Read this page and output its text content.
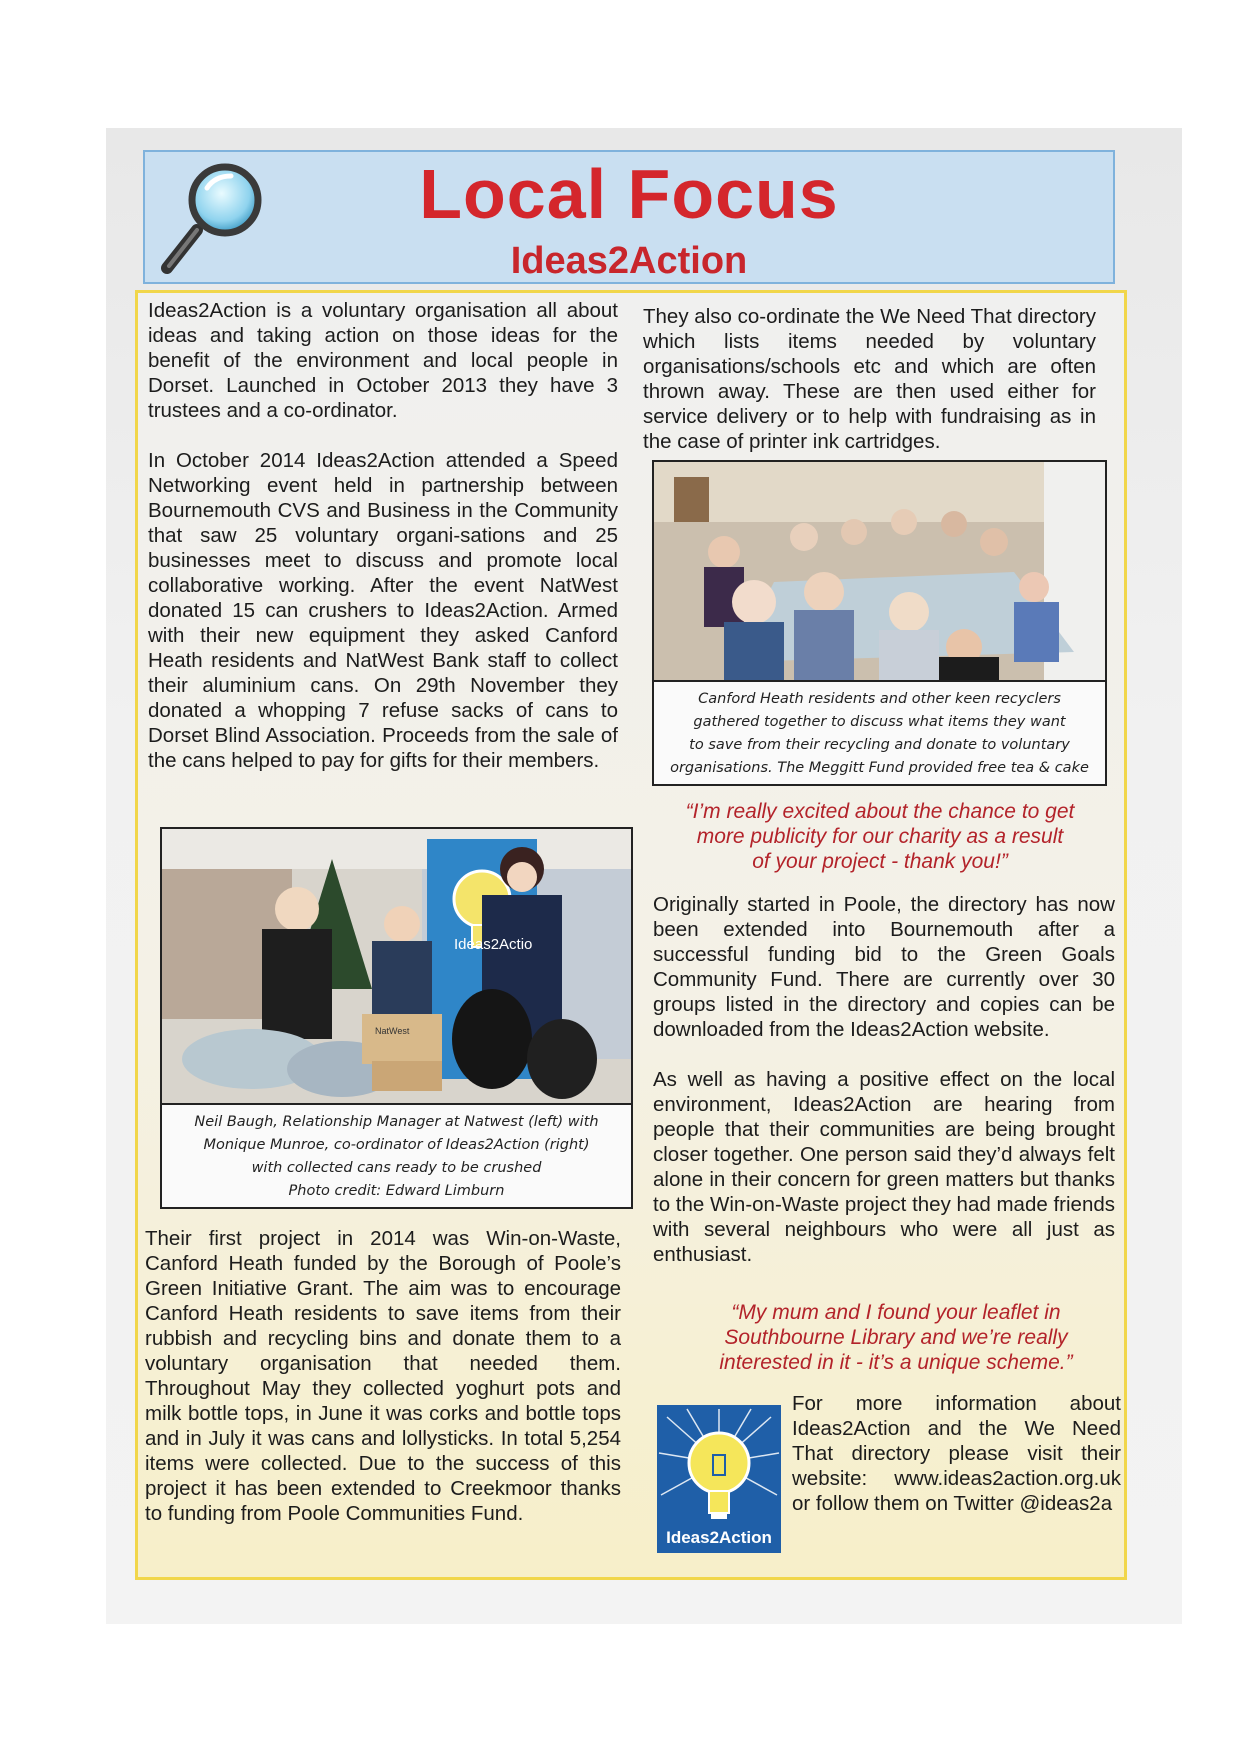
Local Focus
Ideas2Action

Ideas2Action is a voluntary organisation all about ideas and taking action on those ideas for the benefit of the environment and local people in Dorset. Launched in October 2013 they have 3 trustees and a co-ordinator.

In October 2014 Ideas2Action attended a Speed Networking event held in partnership between Bournemouth CVS and Business in the Community that saw 25 voluntary organi-sations and 25 businesses meet to discuss and promote local collaborative working. After the event NatWest donated 15 can crushers to Ideas2Action. Armed with their new equipment they asked Canford Heath residents and NatWest Bank staff to collect their aluminium cans. On 29th November they donated a whopping 7 refuse sacks of cans to Dorset Blind Association. Proceeds from the sale of the cans helped to pay for gifts for their members.

Ideas2Actio
NatWest
Neil Baugh, Relationship Manager at Natwest (left) with
Monique Munroe, co-ordinator of Ideas2Action (right)
with collected cans ready to be crushed
Photo credit: Edward Limburn

Their first project in 2014 was Win-on-Waste, Canford Heath funded by the Borough of Poole’s Green Initiative Grant. The aim was to encourage Canford Heath residents to save items from their rubbish and recycling bins and donate them to a voluntary organisation that needed them. Throughout May they collected yoghurt pots and milk bottle tops, in June it was corks and bottle tops and in July it was cans and lollysticks. In total 5,254 items were collected. Due to the success of this project it has been extended to Creekmoor thanks to funding from Poole Communities Fund.

They also co-ordinate the We Need That directory which lists items needed by voluntary organisations/schools etc and which are often thrown away. These are then used either for service delivery or to help with fundraising as in the case of printer ink cartridges.

Canford Heath residents and other keen recyclers
gathered together to discuss what items they want
to save from their recycling and donate to voluntary
organisations. The Meggitt Fund provided free tea & cake
“I’m really excited about the chance to get
more publicity for our charity as a result
of your project - thank you!”

Originally started in Poole, the directory has now been extended into Bournemouth after a successful funding bid to the Green Goals Community Fund. There are currently over 30 groups listed in the directory and copies can be downloaded from the Ideas2Action website.

As well as having a positive effect on the local environment, Ideas2Action are hearing from people that their communities are being brought closer together. One person said they’d always felt alone in their concern for green matters but thanks to the Win-on-Waste project they had made friends with several neighbours who were all just as enthusiast.

“My mum and I found your leaflet in
Southbourne Library and we’re really
interested in it - it’s a unique scheme.”
Ideas2Action

For more information about Ideas2Action and the We Need That directory please visit their website: www.ideas2action.org.uk or follow them on Twitter @ideas2a
